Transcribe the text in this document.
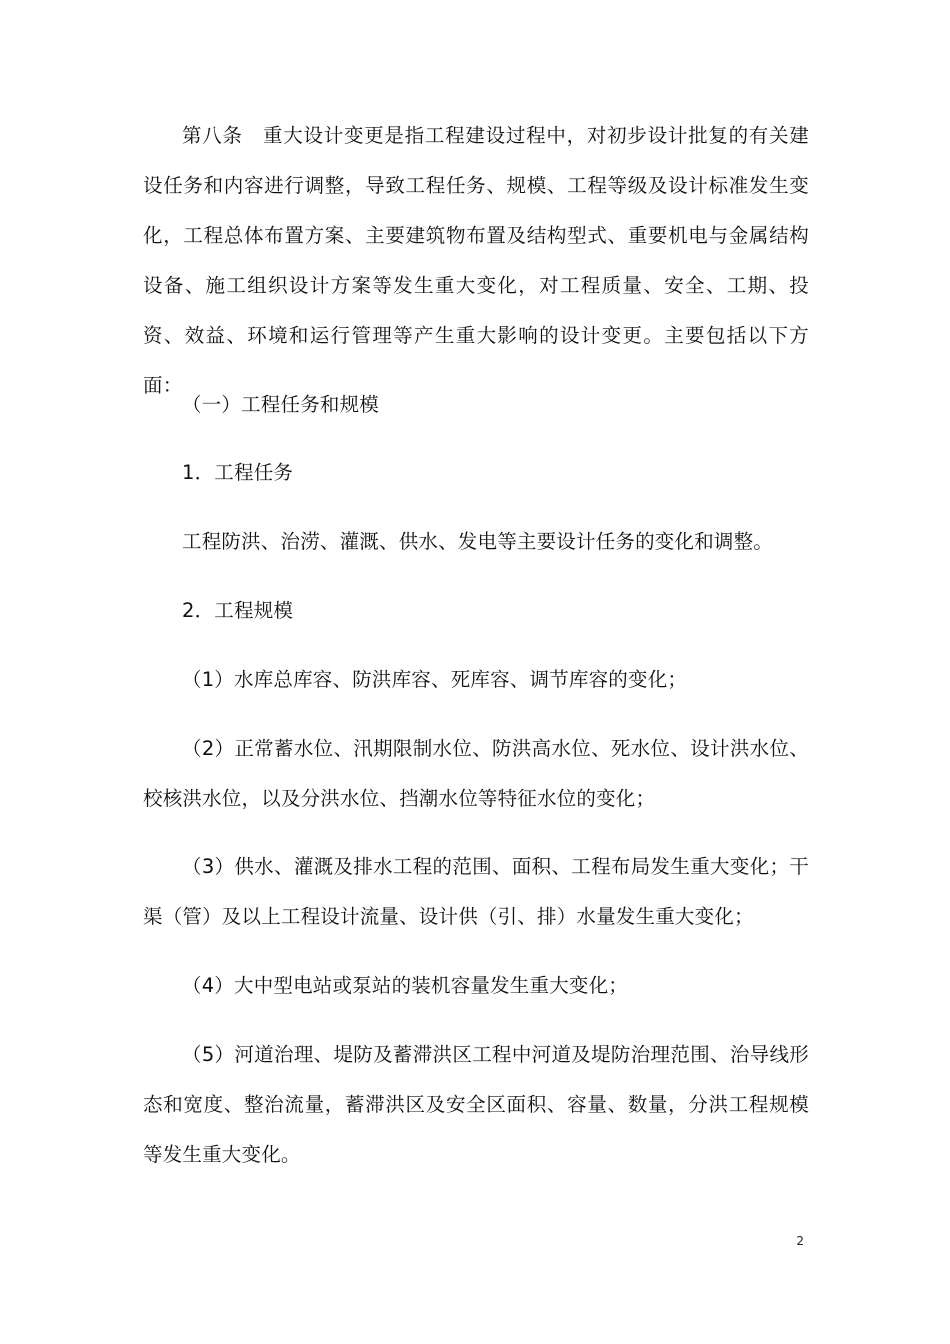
第八条　重大设计变更是指工程建设过程中，对初步设计批复的有关建设任务和内容进行调整，导致工程任务、规模、工程等级及设计标准发生变化，工程总体布置方案、主要建筑物布置及结构型式、重要机电与金属结构设备、施工组织设计方案等发生重大变化，对工程质量、安全、工期、投资、效益、环境和运行管理等产生重大影响的设计变更。主要包括以下方面：

（一）工程任务和规模

1．工程任务

工程防洪、治涝、灌溉、供水、发电等主要设计任务的变化和调整。

2．工程规模

（1）水库总库容、防洪库容、死库容、调节库容的变化；

（2）正常蓄水位、汛期限制水位、防洪高水位、死水位、设计洪水位、校核洪水位，以及分洪水位、挡潮水位等特征水位的变化；

（3）供水、灌溉及排水工程的范围、面积、工程布局发生重大变化；干渠（管）及以上工程设计流量、设计供（引、排）水量发生重大变化；

（4）大中型电站或泵站的装机容量发生重大变化；

（5）河道治理、堤防及蓄滞洪区工程中河道及堤防治理范围、治导线形态和宽度、整治流量，蓄滞洪区及安全区面积、容量、数量，分洪工程规模等发生重大变化。

2
